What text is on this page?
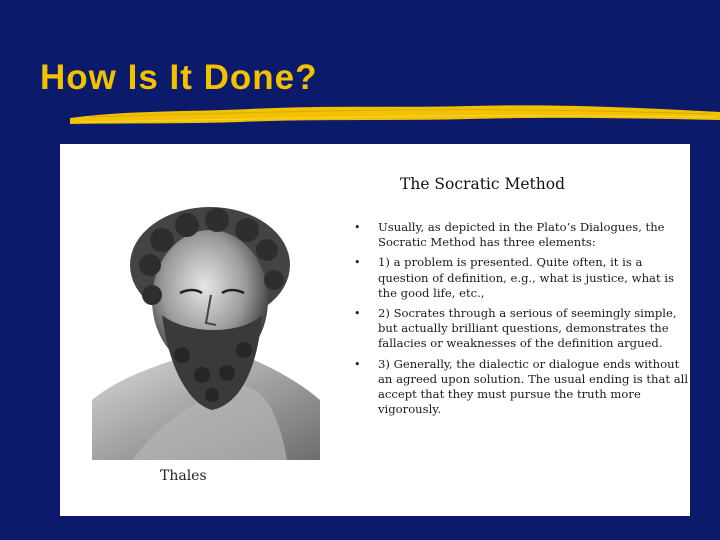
How Is It Done?
Thales
The Socratic Method
• Usually, as depicted in the Plato’s Dialogues, the Socratic Method has three elements:
• 1) a problem is presented. Quite often, it is a question of definition, e.g., what is justice, what is the good life, etc.,
• 2) Socrates through a serious of seemingly simple, but actually brilliant questions, demonstrates the fallacies or weaknesses of the definition argued.
• 3) Generally, the dialectic or dialogue ends without an agreed upon solution. The usual ending is that all accept that they must pursue the truth more vigorously.
